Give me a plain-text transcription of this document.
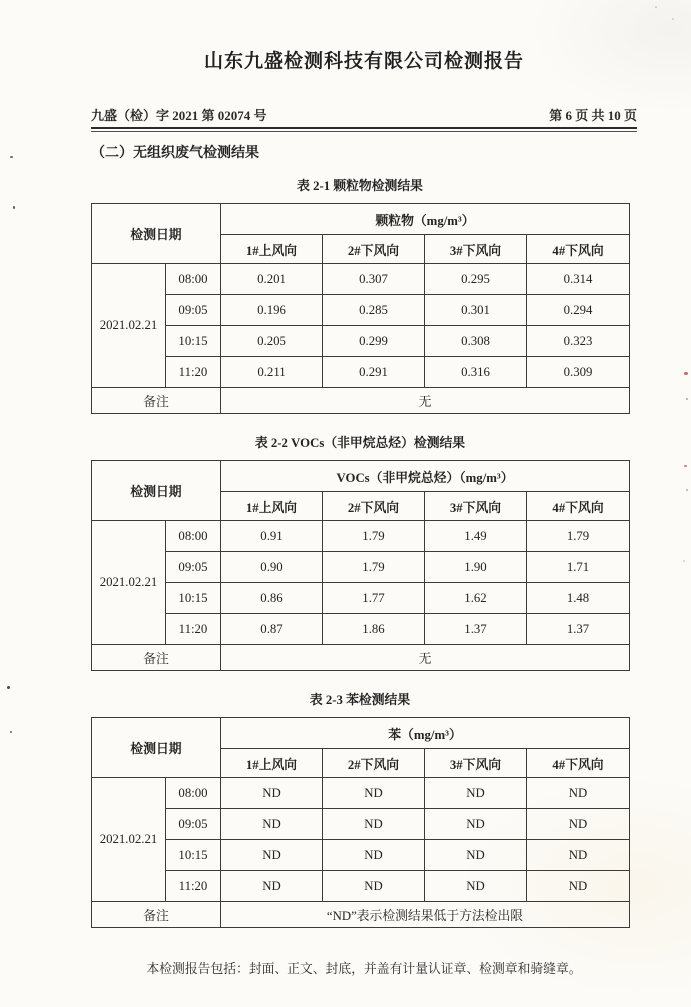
山东九盛检测科技有限公司检测报告
九盛（检）字 2021 第 02074 号	第 6 页 共 10 页
（二）无组织废气检测结果
表 2-1 颗粒物检测结果
检测日期		颗粒物（mg/m³）			
		1#上风向	2#下风向	3#下风向	4#下风向
2021.02.21	08:00	0.201	0.307	0.295	0.314
	09:05	0.196	0.285	0.301	0.294
	10:15	0.205	0.299	0.308	0.323
	11:20	0.211	0.291	0.316	0.309
备注		无			
表 2-2 VOCs（非甲烷总烃）检测结果
检测日期		VOCs（非甲烷总烃）（mg/m³）			
		1#上风向	2#下风向	3#下风向	4#下风向
2021.02.21	08:00	0.91	1.79	1.49	1.79
	09:05	0.90	1.79	1.90	1.71
	10:15	0.86	1.77	1.62	1.48
	11:20	0.87	1.86	1.37	1.37
备注		无			
表 2-3 苯检测结果
检测日期		苯（mg/m³）			
		1#上风向	2#下风向	3#下风向	4#下风向
2021.02.21	08:00	ND	ND	ND	ND
	09:05	ND	ND	ND	ND
	10:15	ND	ND	ND	ND
	11:20	ND	ND	ND	ND
备注		“ND”表示检测结果低于方法检出限			
本检测报告包括：封面、正文、封底，并盖有计量认证章、检测章和骑缝章。
